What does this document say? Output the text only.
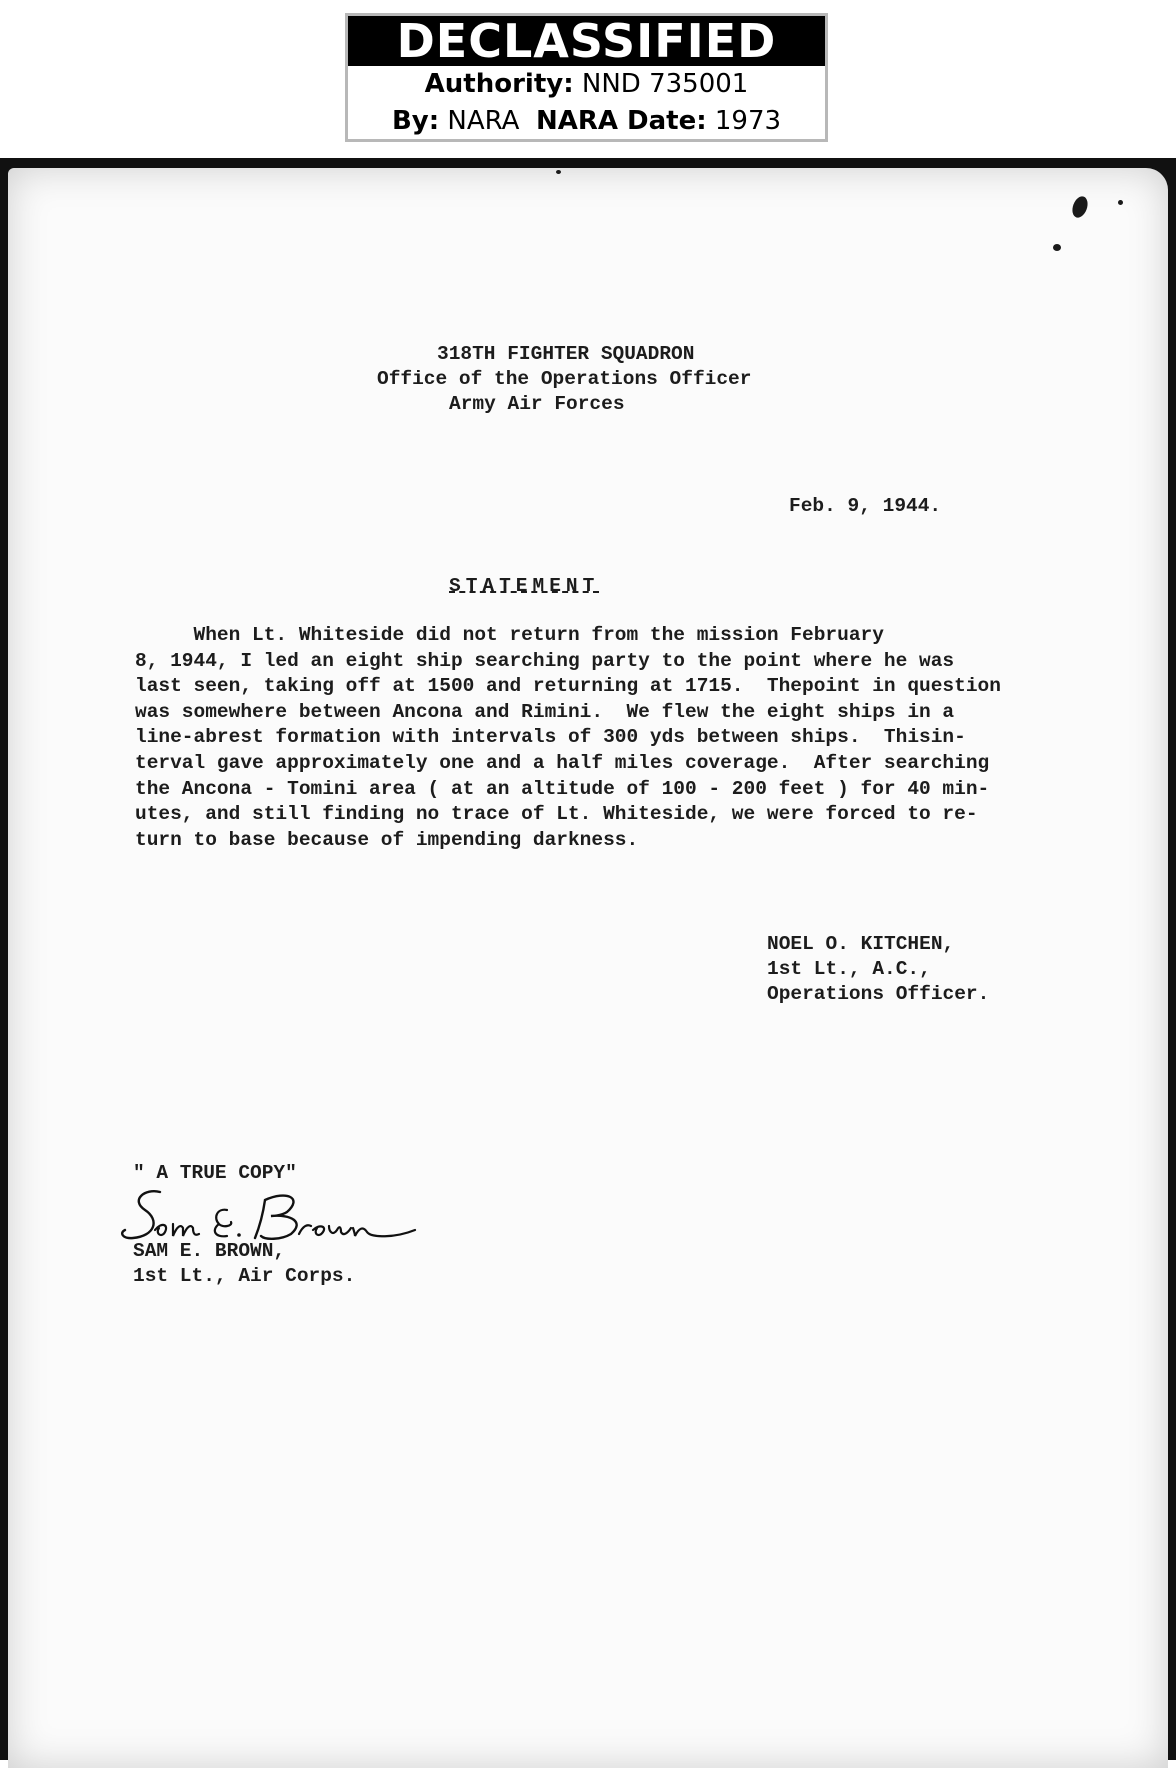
DECLASSIFIED
Authority: NND 735001
By: NARA NARA Date: 1973
318TH FIGHTER SQUADRON
Office of the Operations Officer
Army Air Forces
Feb. 9, 1944.
STATEMENT
When Lt. Whiteside did not return from the mission February
8, 1944, I led an eight ship searching party to the point where he was
last seen, taking off at 1500 and returning at 1715.  Thepoint in question
was somewhere between Ancona and Rimini.  We flew the eight ships in a
line-abrest formation with intervals of 300 yds between ships.  Thisin-
terval gave approximately one and a half miles coverage.  After searching
the Ancona - Tomini area ( at an altitude of 100 - 200 feet ) for 40 min-
utes, and still finding no trace of Lt. Whiteside, we were forced to re-
turn to base because of impending darkness.
NOEL O. KITCHEN,
1st Lt., A.C.,
Operations Officer.
" A TRUE COPY"
SAM E. BROWN,
1st Lt., Air Corps.
